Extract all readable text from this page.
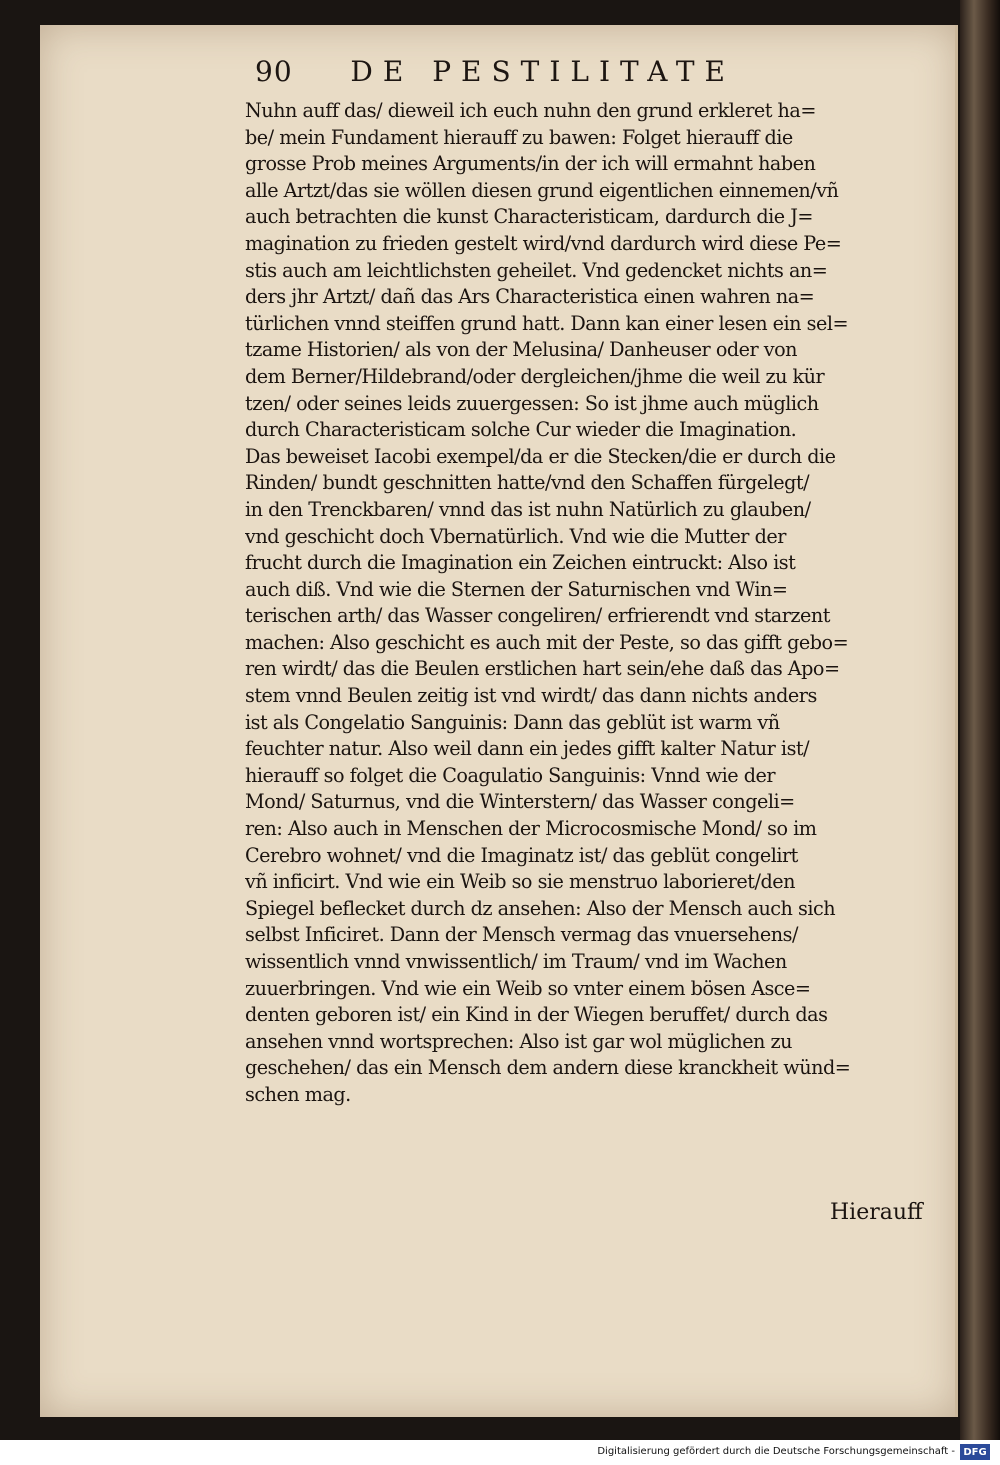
90 DE PESTILITATE
Nuhn auff das/ dieweil ich euch nuhn den grund erkleret ha=
be/ mein Fundament hierauff zu bawen: Folget hierauff die
grosse Prob meines Arguments/in der ich will ermahnt haben
alle Artzt/das sie wöllen diesen grund eigentlichen einnemen/vñ
auch betrachten die kunst Characteristicam, dardurch die J=
magination zu frieden gestelt wird/vnd dardurch wird diese Pe=
stis auch am leichtlichsten geheilet. Vnd gedencket nichts an=
ders jhr Artzt/ dañ das Ars Characteristica einen wahren na=
türlichen vnnd steiffen grund hatt. Dann kan einer lesen ein sel=
tzame Historien/ als von der Melusina/ Danheuser oder von
dem Berner/Hildebrand/oder dergleichen/jhme die weil zu kür
tzen/ oder seines leids zuuergessen: So ist jhme auch müglich
durch Characteristicam solche Cur wieder die Imagination.
Das beweiset Iacobi exempel/da er die Stecken/die er durch die
Rinden/ bundt geschnitten hatte/vnd den Schaffen fürgelegt/
in den Trenckbaren/ vnnd das ist nuhn Natürlich zu glauben/
vnd geschicht doch Vbernatürlich. Vnd wie die Mutter der
frucht durch die Imagination ein Zeichen eintruckt: Also ist
auch diß. Vnd wie die Sternen der Saturnischen vnd Win=
terischen arth/ das Wasser congeliren/ erfrierendt vnd starzent
machen: Also geschicht es auch mit der Peste, so das gifft gebo=
ren wirdt/ das die Beulen erstlichen hart sein/ehe daß das Apo=
stem vnnd Beulen zeitig ist vnd wirdt/ das dann nichts anders
ist als Congelatio Sanguinis: Dann das geblüt ist warm vñ
feuchter natur. Also weil dann ein jedes gifft kalter Natur ist/
hierauff so folget die Coagulatio Sanguinis: Vnnd wie der
Mond/ Saturnus, vnd die Winterstern/ das Wasser congeli=
ren: Also auch in Menschen der Microcosmische Mond/ so im
Cerebro wohnet/ vnd die Imaginatz ist/ das geblüt congelirt
vñ inficirt. Vnd wie ein Weib so sie menstruo laborieret/den
Spiegel beflecket durch dz ansehen: Also der Mensch auch sich
selbst Inficiret. Dann der Mensch vermag das vnuersehens/
wissentlich vnnd vnwissentlich/ im Traum/ vnd im Wachen
zuuerbringen. Vnd wie ein Weib so vnter einem bösen Asce=
denten geboren ist/ ein Kind in der Wiegen beruffet/ durch das
ansehen vnnd wortsprechen: Also ist gar wol müglichen zu
geschehen/ das ein Mensch dem andern diese kranckheit wünd=
schen mag.
Hierauff
Digitalisierung gefördert durch die Deutsche Forschungsgemeinschaft - DFG
